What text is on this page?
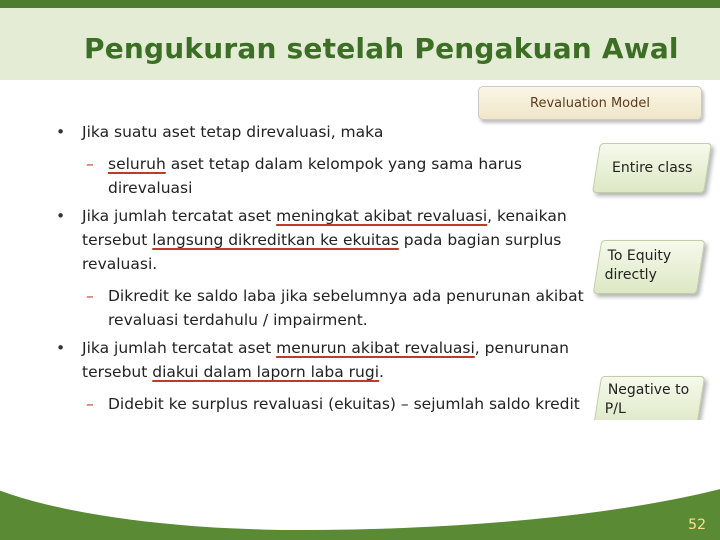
Pengukuran setelah Pengakuan Awal
Revaluation Model
Entire class
To Equity
directly
Negative to
P/L
• Jika suatu aset tetap direvaluasi, maka
– seluruh aset tetap dalam kelompok yang sama harus direvaluasi
• Jika jumlah tercatat aset meningkat akibat revaluasi, kenaikan tersebut langsung dikreditkan ke ekuitas pada bagian surplus revaluasi.
– Dikredit ke saldo laba jika sebelumnya ada penurunan akibat revaluasi terdahulu / impairment.
• Jika jumlah tercatat aset menurun akibat revaluasi, penurunan tersebut diakui dalam laporn laba rugi.
– Didebit ke surplus revaluasi (ekuitas) – sejumlah saldo kredit
52
